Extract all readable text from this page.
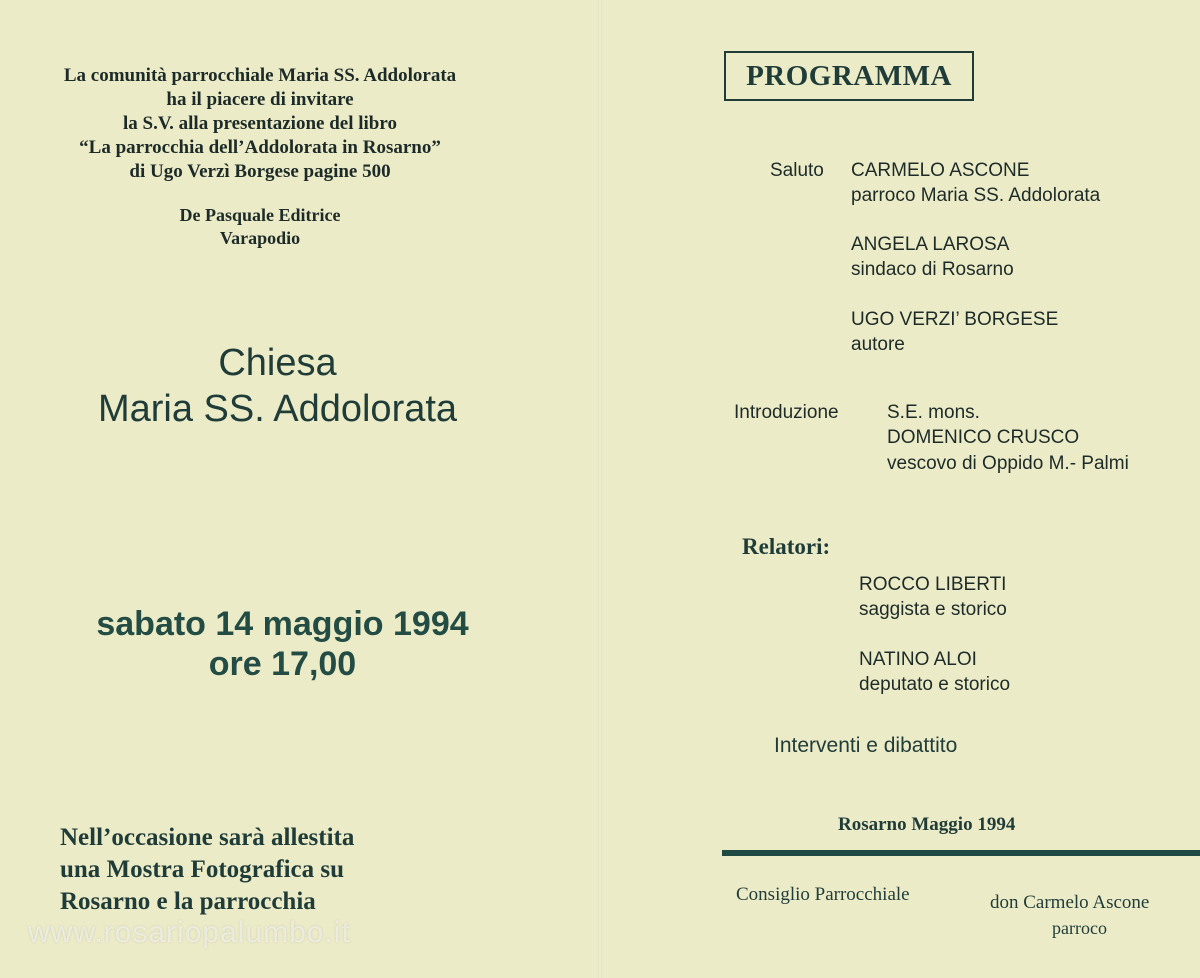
La comunità parrocchiale Maria SS. Addolorata
ha il piacere di invitare
la S.V. alla presentazione del libro
“La parrocchia dell’Addolorata in Rosarno”
di Ugo Verzì Borgese pagine 500
De Pasquale Editrice
Varapodio
Chiesa
Maria SS. Addolorata
sabato 14 maggio 1994
ore 17,00
Nell’occasione sarà allestita
una Mostra Fotografica su
Rosarno e la parrocchia
www.rosariopalumbo.it
PROGRAMMA
Saluto CARMELO ASCONE
parroco Maria SS. Addolorata
ANGELA LAROSA
sindaco di Rosarno
UGO VERZI’ BORGESE
autore
Introduzione	S.E. mons.
DOMENICO CRUSCO
vescovo di Oppido M.- Palmi
Relatori:
ROCCO LIBERTI
saggista e storico
NATINO ALOI
deputato e storico
Interventi e dibattito
Rosarno Maggio 1994
Consiglio Parrocchiale	don Carmelo Ascone
parroco
